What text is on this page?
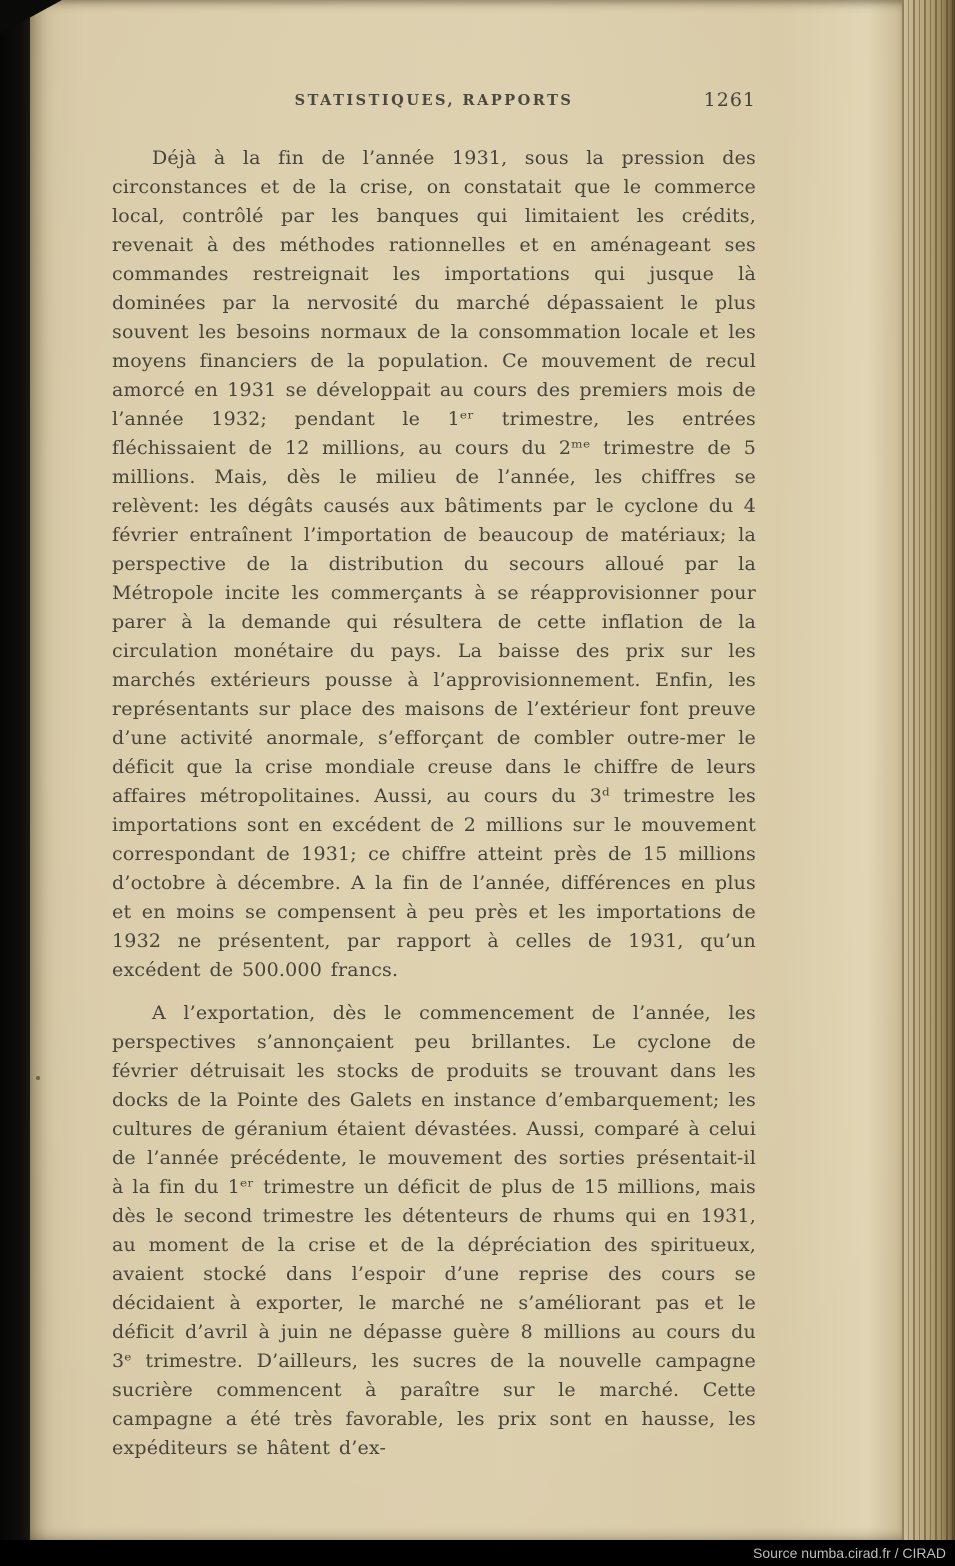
STATISTIQUES, RAPPORTS	1261

Déjà à la fin de l’année 1931, sous la pression des circonstances et de la crise, on constatait que le commerce local, contrôlé par les banques qui limitaient les crédits, revenait à des méthodes rationnelles et en aménageant ses commandes restreignait les importations qui jusque là dominées par la nervosité du marché dépassaient le plus souvent les besoins normaux de la consommation locale et les moyens financiers de la population. Ce mouvement de recul amorcé en 1931 se développait au cours des premiers mois de l’année 1932; pendant le 1ᵉʳ trimestre, les entrées fléchissaient de 12 millions, au cours du 2ᵐᵉ trimestre de 5 millions. Mais, dès le milieu de l’année, les chiffres se relèvent: les dégâts causés aux bâtiments par le cyclone du 4 février entraînent l’importation de beaucoup de matériaux; la perspective de la distribution du secours alloué par la Métropole incite les commerçants à se réapprovisionner pour parer à la demande qui résultera de cette inflation de la circulation monétaire du pays. La baisse des prix sur les marchés extérieurs pousse à l’approvisionnement. Enfin, les représentants sur place des maisons de l’extérieur font preuve d’une activité anormale, s’efforçant de combler outre-mer le déficit que la crise mondiale creuse dans le chiffre de leurs affaires métropolitaines. Aussi, au cours du 3ᵈ trimestre les importations sont en excédent de 2 millions sur le mouvement correspondant de 1931; ce chiffre atteint près de 15 millions d’octobre à décembre. A la fin de l’année, différences en plus et en moins se compensent à peu près et les importations de 1932 ne présentent, par rapport à celles de 1931, qu’un excédent de 500.000 francs.

A l’exportation, dès le commencement de l’année, les perspectives s’annonçaient peu brillantes. Le cyclone de février détruisait les stocks de produits se trouvant dans les docks de la Pointe des Galets en instance d’embarquement; les cultures de géranium étaient dévastées. Aussi, comparé à celui de l’année précédente, le mouvement des sorties présentait-il à la fin du 1ᵉʳ trimestre un déficit de plus de 15 millions, mais dès le second trimestre les détenteurs de rhums qui en 1931, au moment de la crise et de la dépréciation des spiritueux, avaient stocké dans l’espoir d’une reprise des cours se décidaient à exporter, le marché ne s’améliorant pas et le déficit d’avril à juin ne dépasse guère 8 millions au cours du 3ᵉ trimestre. D’ailleurs, les sucres de la nouvelle campagne sucrière commencent à paraître sur le marché. Cette campagne a été très favorable, les prix sont en hausse, les expéditeurs se hâtent d’ex-

Source numba.cirad.fr / CIRAD
